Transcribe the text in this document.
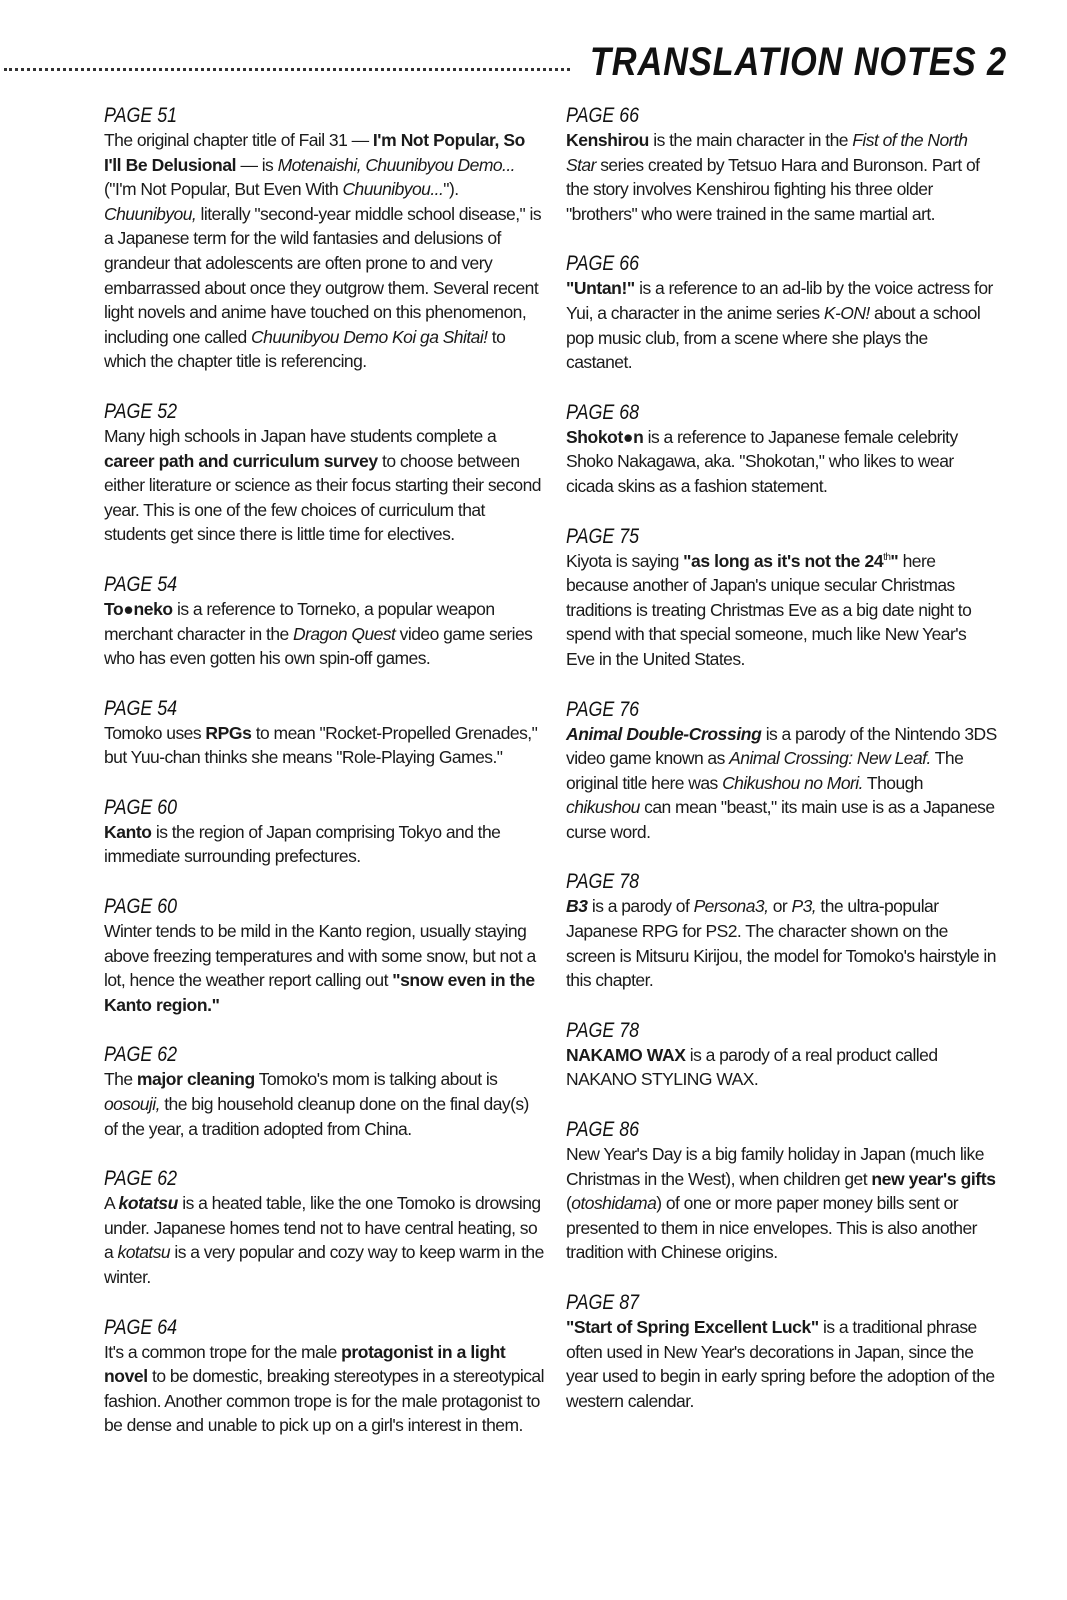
TRANSLATION NOTES 2
PAGE 51
The original chapter title of Fail 31 — I'm Not Popular, So I'll Be Delusional — is Motenaishi, Chuunibyou Demo... ("I'm Not Popular, But Even With Chuunibyou..."). Chuunibyou, literally "second-year middle school disease," is a Japanese term for the wild fantasies and delusions of grandeur that adolescents are often prone to and very embarrassed about once they outgrow them. Several recent light novels and anime have touched on this phenomenon, including one called Chuunibyou Demo Koi ga Shitai! to which the chapter title is referencing.
PAGE 52
Many high schools in Japan have students complete a career path and curriculum survey to choose between either literature or science as their focus starting their second year. This is one of the few choices of curriculum that students get since there is little time for electives.
PAGE 54
To●neko is a reference to Torneko, a popular weapon merchant character in the Dragon Quest video game series who has even gotten his own spin-off games.
PAGE 54
Tomoko uses RPGs to mean "Rocket-Propelled Grenades," but Yuu-chan thinks she means "Role-Playing Games."
PAGE 60
Kanto is the region of Japan comprising Tokyo and the immediate surrounding prefectures.
PAGE 60
Winter tends to be mild in the Kanto region, usually staying above freezing temperatures and with some snow, but not a lot, hence the weather report calling out "snow even in the Kanto region."
PAGE 62
The major cleaning Tomoko's mom is talking about is oosouji, the big household cleanup done on the final day(s) of the year, a tradition adopted from China.
PAGE 62
A kotatsu is a heated table, like the one Tomoko is drowsing under. Japanese homes tend not to have central heating, so a kotatsu is a very popular and cozy way to keep warm in the winter.
PAGE 64
It's a common trope for the male protagonist in a light novel to be domestic, breaking stereotypes in a stereotypical fashion. Another common trope is for the male protagonist to be dense and unable to pick up on a girl's interest in them.
PAGE 66
Kenshirou is the main character in the Fist of the North Star series created by Tetsuo Hara and Buronson. Part of the story involves Kenshirou fighting his three older "brothers" who were trained in the same martial art.
PAGE 66
"Untan!" is a reference to an ad-lib by the voice actress for Yui, a character in the anime series K-ON! about a school pop music club, from a scene where she plays the castanet.
PAGE 68
Shokot●n is a reference to Japanese female celebrity Shoko Nakagawa, aka. "Shokotan," who likes to wear cicada skins as a fashion statement.
PAGE 75
Kiyota is saying "as long as it's not the 24th" here because another of Japan's unique secular Christmas traditions is treating Christmas Eve as a big date night to spend with that special someone, much like New Year's Eve in the United States.
PAGE 76
Animal Double-Crossing is a parody of the Nintendo 3DS video game known as Animal Crossing: New Leaf. The original title here was Chikushou no Mori. Though chikushou can mean "beast," its main use is as a Japanese curse word.
PAGE 78
B3 is a parody of Persona3, or P3, the ultra-popular Japanese RPG for PS2. The character shown on the screen is Mitsuru Kirijou, the model for Tomoko's hairstyle in this chapter.
PAGE 78
NAKAMO WAX is a parody of a real product called NAKANO STYLING WAX.
PAGE 86
New Year's Day is a big family holiday in Japan (much like Christmas in the West), when children get new year's gifts (otoshidama) of one or more paper money bills sent or presented to them in nice envelopes. This is also another tradition with Chinese origins.
PAGE 87
"Start of Spring Excellent Luck" is a traditional phrase often used in New Year's decorations in Japan, since the year used to begin in early spring before the adoption of the western calendar.
